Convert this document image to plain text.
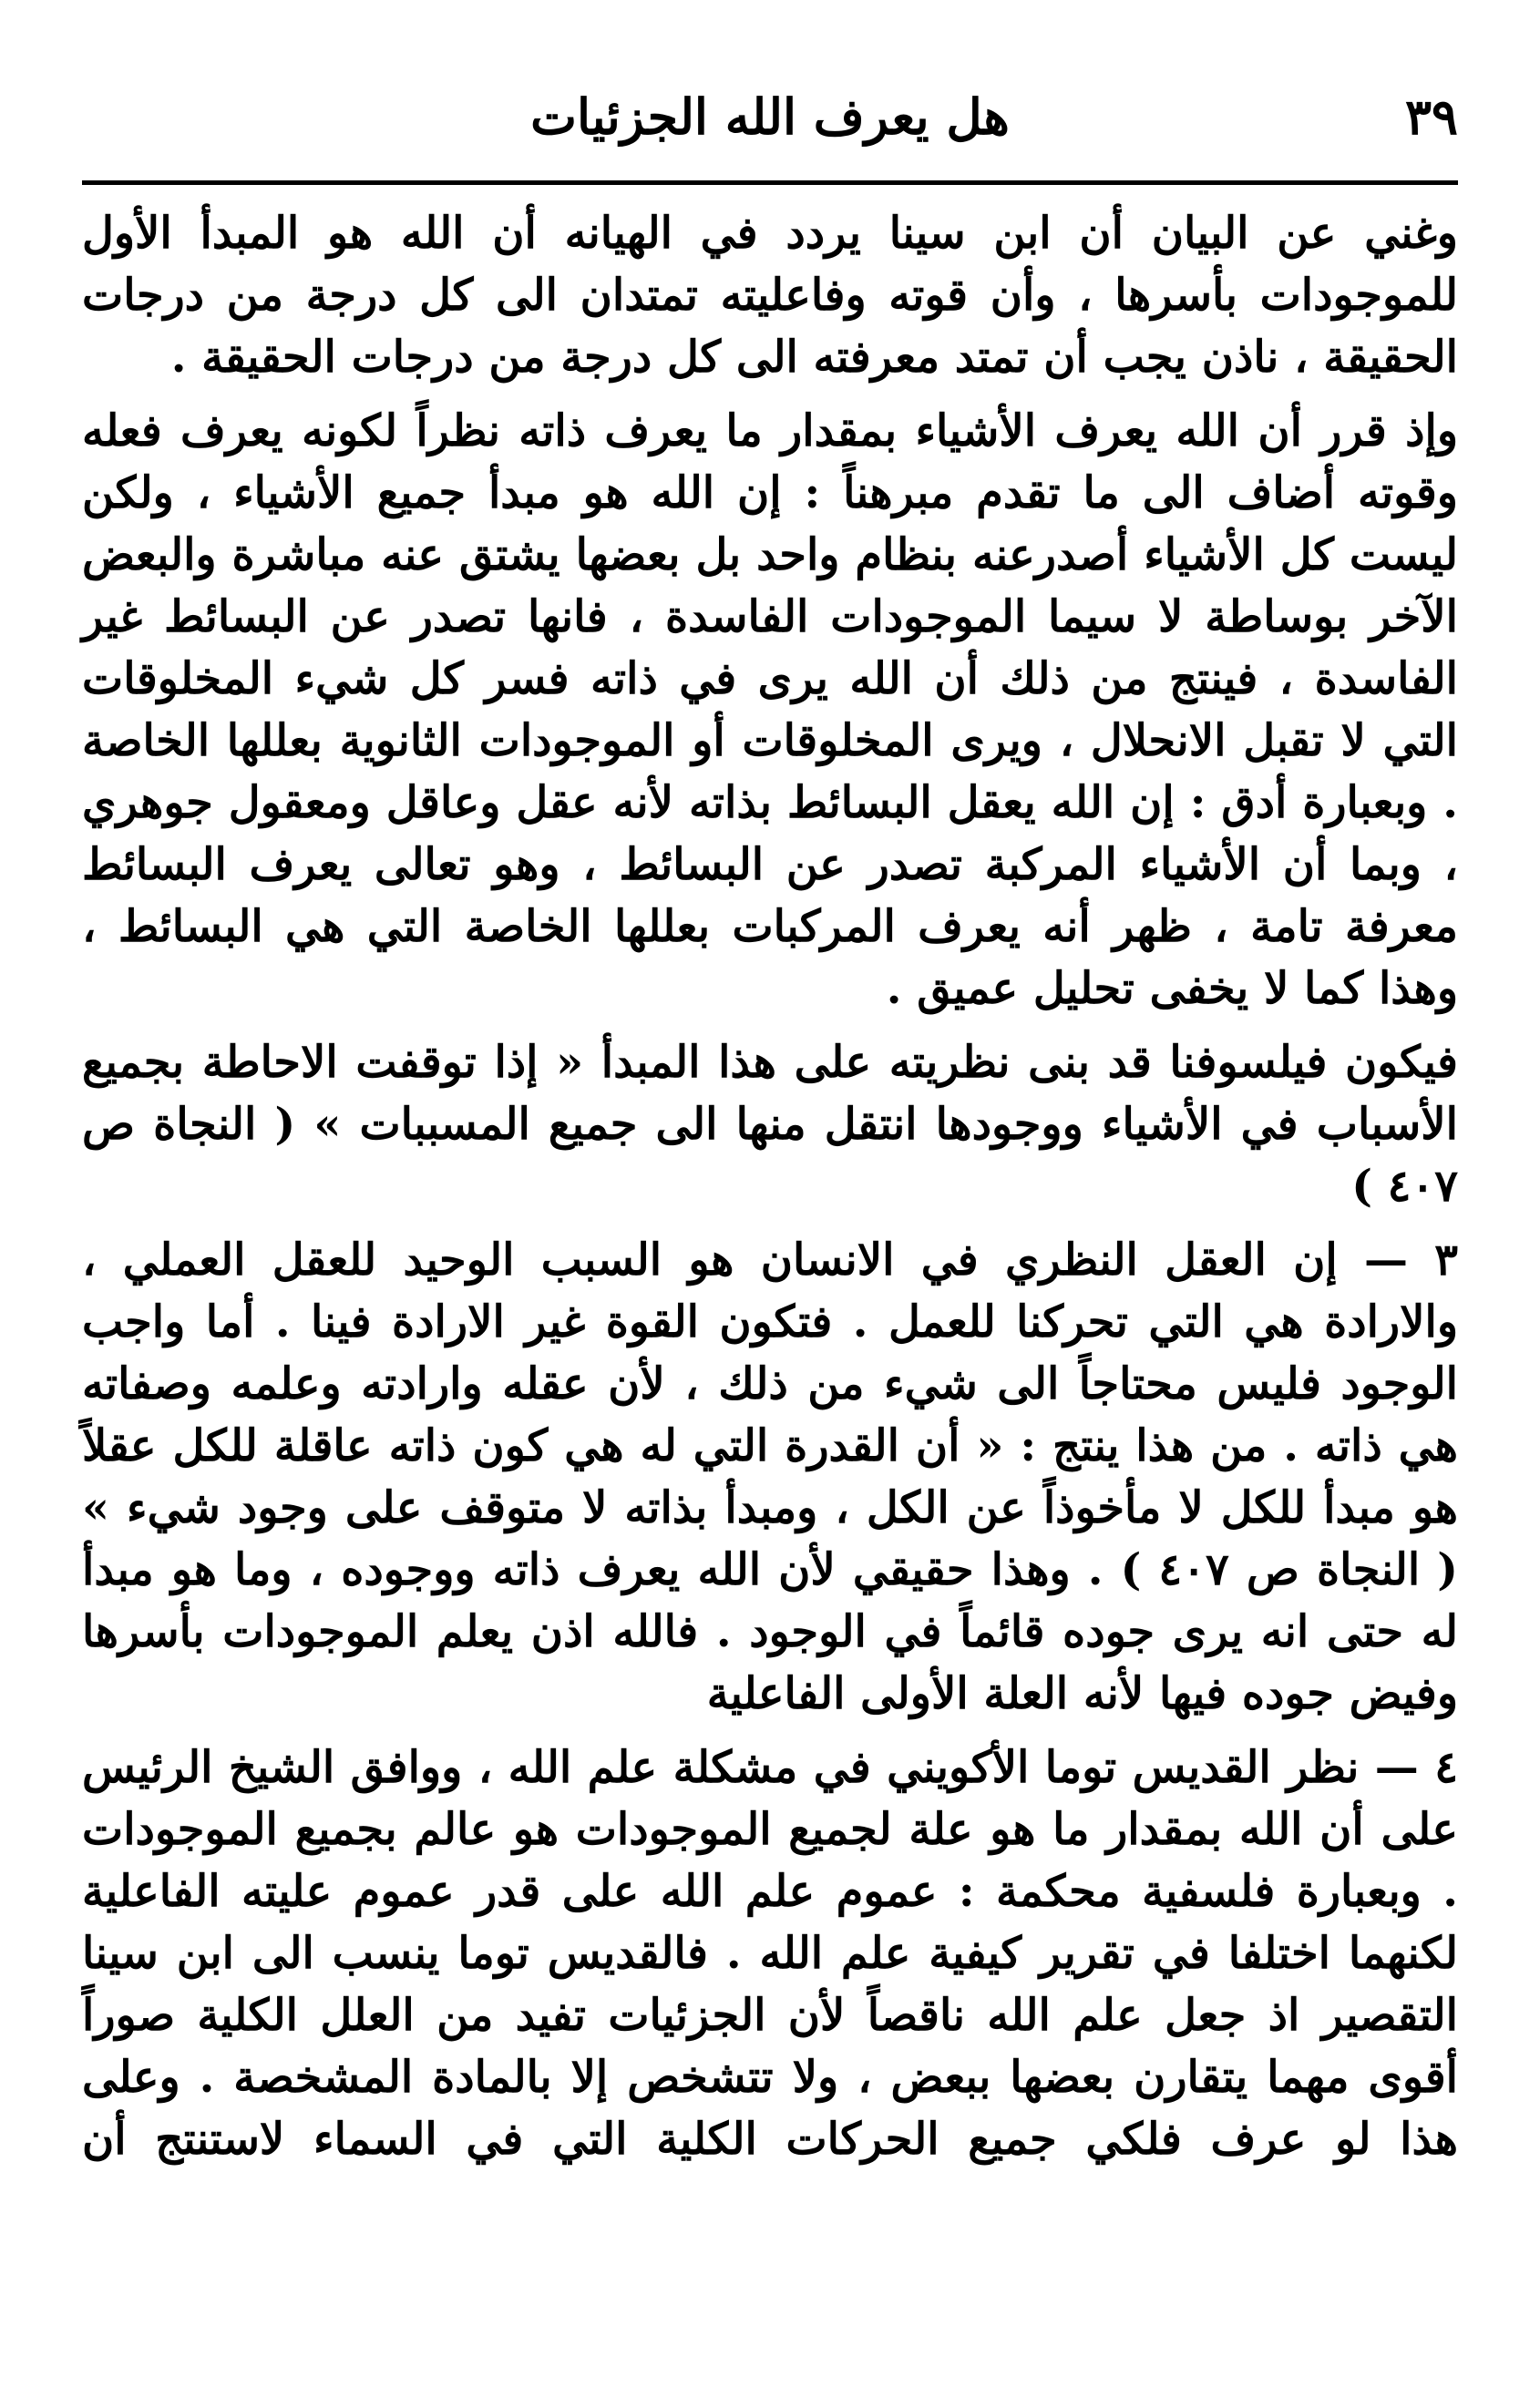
٣٩
هل يعرف الله الجزئيات

وغني عن البيان أن ابن سينا يردد في الهيانه أن الله هو المبدأ الأول للموجودات بأسرها ، وأن قوته وفاعليته تمتدان الى كل درجة من درجات الحقيقة ، ناذن يجب أن تمتد معرفته الى كل درجة من درجات الحقيقة .

وإذ قرر أن الله يعرف الأشياء بمقدار ما يعرف ذاته نظراً لكونه يعرف فعله وقوته أضاف الى ما تقدم مبرهناً : إن الله هو مبدأ جميع الأشياء ، ولكن ليست كل الأشياء أصدرعنه بنظام واحد بل بعضها يشتق عنه مباشرة والبعض الآخر بوساطة لا سيما الموجودات الفاسدة ، فانها تصدر عن البسائط غير الفاسدة ، فينتج من ذلك أن الله يرى في ذاته فسر كل شيء المخلوقات التي لا تقبل الانحلال ، ويرى المخلوقات أو الموجودات الثانوية بعللها الخاصة . وبعبارة أدق : إن الله يعقل البسائط بذاته لأنه عقل وعاقل ومعقول جوهري ، وبما أن الأشياء المركبة تصدر عن البسائط ، وهو تعالى يعرف البسائط معرفة تامة ، ظهر أنه يعرف المركبات بعللها الخاصة التي هي البسائط ، وهذا كما لا يخفى تحليل عميق .

فيكون فيلسوفنا قد بنى نظريته على هذا المبدأ « إذا توقفت الاحاطة بجميع الأسباب في الأشياء ووجودها انتقل منها الى جميع المسببات » ( النجاة ص ٤٠٧ )

٣ — إن العقل النظري في الانسان هو السبب الوحيد للعقل العملي ، والارادة هي التي تحركنا للعمل . فتكون القوة غير الارادة فينا . أما واجب الوجود فليس محتاجاً الى شيء من ذلك ، لأن عقله وارادته وعلمه وصفاته هي ذاته . من هذا ينتج : « أن القدرة التي له هي كون ذاته عاقلة للكل عقلاً هو مبدأ للكل لا مأخوذاً عن الكل ، ومبدأ بذاته لا متوقف على وجود شيء » ( النجاة ص ٤٠٧ ) . وهذا حقيقي لأن الله يعرف ذاته ووجوده ، وما هو مبدأ له حتى انه يرى جوده قائماً في الوجود . فالله اذن يعلم الموجودات بأسرها وفيض جوده فيها لأنه العلة الأولى الفاعلية

٤ — نظر القديس توما الأكويني في مشكلة علم الله ، ووافق الشيخ الرئيس على أن الله بمقدار ما هو علة لجميع الموجودات هو عالم بجميع الموجودات . وبعبارة فلسفية محكمة : عموم علم الله على قدر عموم عليته الفاعلية لكنهما اختلفا في تقرير كيفية علم الله . فالقديس توما ينسب الى ابن سينا التقصير اذ جعل علم الله ناقصاً لأن الجزئيات تفيد من العلل الكلية صوراً أقوى مهما يتقارن بعضها ببعض ، ولا تتشخص إلا بالمادة المشخصة . وعلى هذا لو عرف فلكي جميع الحركات الكلية التي في السماء لاستنتج أن
